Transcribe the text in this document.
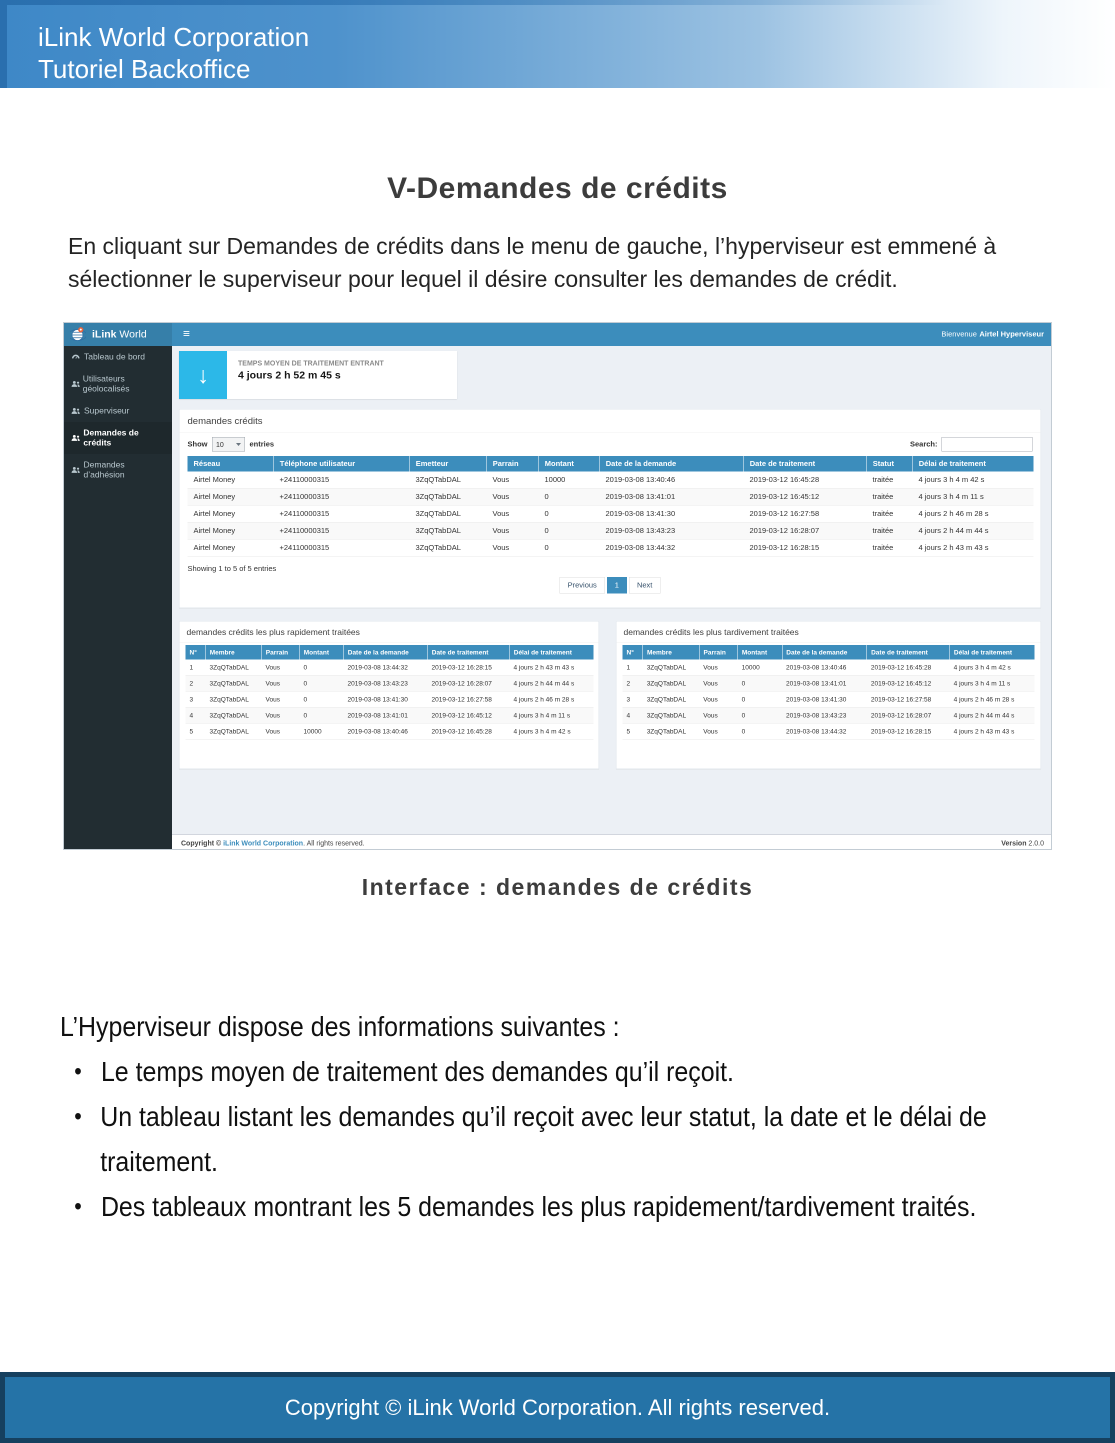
iLink World Corporation
Tutoriel Backoffice
V-Demandes de crédits
En cliquant sur Demandes de crédits dans le menu de gauche, l’hyperviseur est emmené à sélectionner le superviseur pour lequel il désire consulter les demandes de crédit.
iLink World ≡	Bienvenue Airtel Hyperviseur
Tableau de bord
Utilisateurs géolocalisés
Superviseur
Demandes de crédits
Demandes d’adhésion
↓	TEMPS MOYEN DE TRAITEMENT ENTRANT
4 jours 2 h 52 m 45 s
demandes crédits
Show 10 entries	Search:
Réseau	Téléphone utilisateur	Emetteur	Parrain	Montant	Date de la demande	Date de traitement	Statut	Délai de traitement
Airtel Money	+24110000315	3ZqQTabDAL	Vous	10000	2019-03-08 13:40:46	2019-03-12 16:45:28	traitée	4 jours 3 h 4 m 42 s
Airtel Money	+24110000315	3ZqQTabDAL	Vous	0	2019-03-08 13:41:01	2019-03-12 16:45:12	traitée	4 jours 3 h 4 m 11 s
Airtel Money	+24110000315	3ZqQTabDAL	Vous	0	2019-03-08 13:41:30	2019-03-12 16:27:58	traitée	4 jours 2 h 46 m 28 s
Airtel Money	+24110000315	3ZqQTabDAL	Vous	0	2019-03-08 13:43:23	2019-03-12 16:28:07	traitée	4 jours 2 h 44 m 44 s
Airtel Money	+24110000315	3ZqQTabDAL	Vous	0	2019-03-08 13:44:32	2019-03-12 16:28:15	traitée	4 jours 2 h 43 m 43 s
Showing 1 to 5 of 5 entries
Previous	1	Next
demandes crédits les plus rapidement traitées
N°	Membre	Parrain	Montant	Date de la demande	Date de traitement	Délai de traitement
1	3ZqQTabDAL	Vous	0	2019-03-08 13:44:32	2019-03-12 16:28:15	4 jours 2 h 43 m 43 s
2	3ZqQTabDAL	Vous	0	2019-03-08 13:43:23	2019-03-12 16:28:07	4 jours 2 h 44 m 44 s
3	3ZqQTabDAL	Vous	0	2019-03-08 13:41:30	2019-03-12 16:27:58	4 jours 2 h 46 m 28 s
4	3ZqQTabDAL	Vous	0	2019-03-08 13:41:01	2019-03-12 16:45:12	4 jours 3 h 4 m 11 s
5	3ZqQTabDAL	Vous	10000	2019-03-08 13:40:46	2019-03-12 16:45:28	4 jours 3 h 4 m 42 s
demandes crédits les plus tardivement traitées
N°	Membre	Parrain	Montant	Date de la demande	Date de traitement	Délai de traitement
1	3ZqQTabDAL	Vous	10000	2019-03-08 13:40:46	2019-03-12 16:45:28	4 jours 3 h 4 m 42 s
2	3ZqQTabDAL	Vous	0	2019-03-08 13:41:01	2019-03-12 16:45:12	4 jours 3 h 4 m 11 s
3	3ZqQTabDAL	Vous	0	2019-03-08 13:41:30	2019-03-12 16:27:58	4 jours 2 h 46 m 28 s
4	3ZqQTabDAL	Vous	0	2019-03-08 13:43:23	2019-03-12 16:28:07	4 jours 2 h 44 m 44 s
5	3ZqQTabDAL	Vous	0	2019-03-08 13:44:32	2019-03-12 16:28:15	4 jours 2 h 43 m 43 s
Copyright © iLink World Corporation. All rights reserved.	Version 2.0.0
Interface : demandes de crédits
L’Hyperviseur dispose des informations suivantes :
• Le temps moyen de traitement des demandes qu’il reçoit.
• Un tableau listant les demandes qu’il reçoit avec leur statut, la date et le délai de traitement.
• Des tableaux montrant les 5 demandes les plus rapidement/tardivement traités.
Copyright © iLink World Corporation. All rights reserved.
